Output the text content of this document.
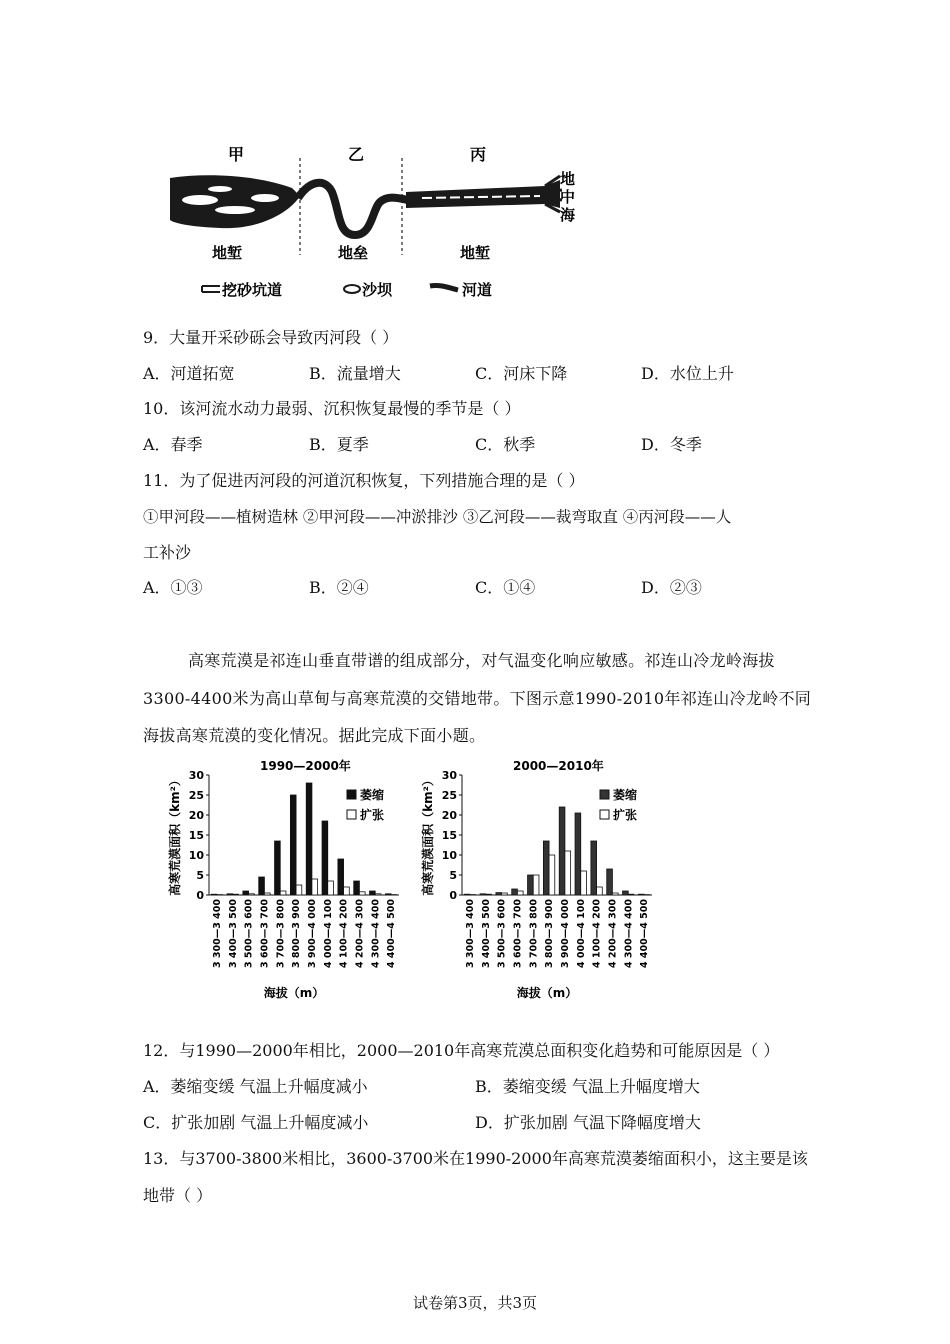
甲	乙	丙
地
中
海
地堑	地垒	地堑
挖砂坑道	沙坝	河道
9．大量开采砂砾会导致丙河段（ ）
A．河道拓宽	B．流量增大	C．河床下降	D．水位上升
10．该河流水动力最弱、沉积恢复最慢的季节是（ ）
A．春季	B．夏季	C．秋季	D．冬季
11．为了促进丙河段的河道沉积恢复，下列措施合理的是（ ）
①甲河段——植树造林 ②甲河段——冲淤排沙 ③乙河段——裁弯取直 ④丙河段——人
工补沙
A．①③	B．②④	C．①④	D．②③
高寒荒漠是祁连山垂直带谱的组成部分，对气温变化响应敏感。祁连山冷龙岭海拔
3300-4400米为高山草甸与高寒荒漠的交错地带。下图示意1990-2010年祁连山冷龙岭不同
海拔高寒荒漠的变化情况。据此完成下面小题。
1990—2000年
高寒荒漠面积（km²） 0
5
10
15
20
25
30
3 300—3 400 3 400—3 500 3 500—3 600 3 600—3 700 3 700—3 800 3 800—3 900 3 900—4 000 4 000—4 100 4 100—4 200 4 200—4 300 4 300—4 400 4 400—4 500
海拔（m）
萎缩
扩张
2000—2010年
高寒荒漠面积（km²） 0
5
10
15
20
25
30
3 300—3 400 3 400—3 500 3 500—3 600 3 600—3 700 3 700—3 800 3 800—3 900 3 900—4 000 4 000—4 100 4 100—4 200 4 200—4 300 4 300—4 400 4 400—4 500
海拔（m）
萎缩
扩张
12．与1990—2000年相比，2000—2010年高寒荒漠总面积变化趋势和可能原因是（ ）
A．萎缩变缓 气温上升幅度减小	B．萎缩变缓 气温上升幅度增大
C．扩张加剧 气温上升幅度减小	D．扩张加剧 气温下降幅度增大
13．与3700-3800米相比，3600-3700米在1990-2000年高寒荒漠萎缩面积小，这主要是该
地带（ ）
试卷第3页，共3页
